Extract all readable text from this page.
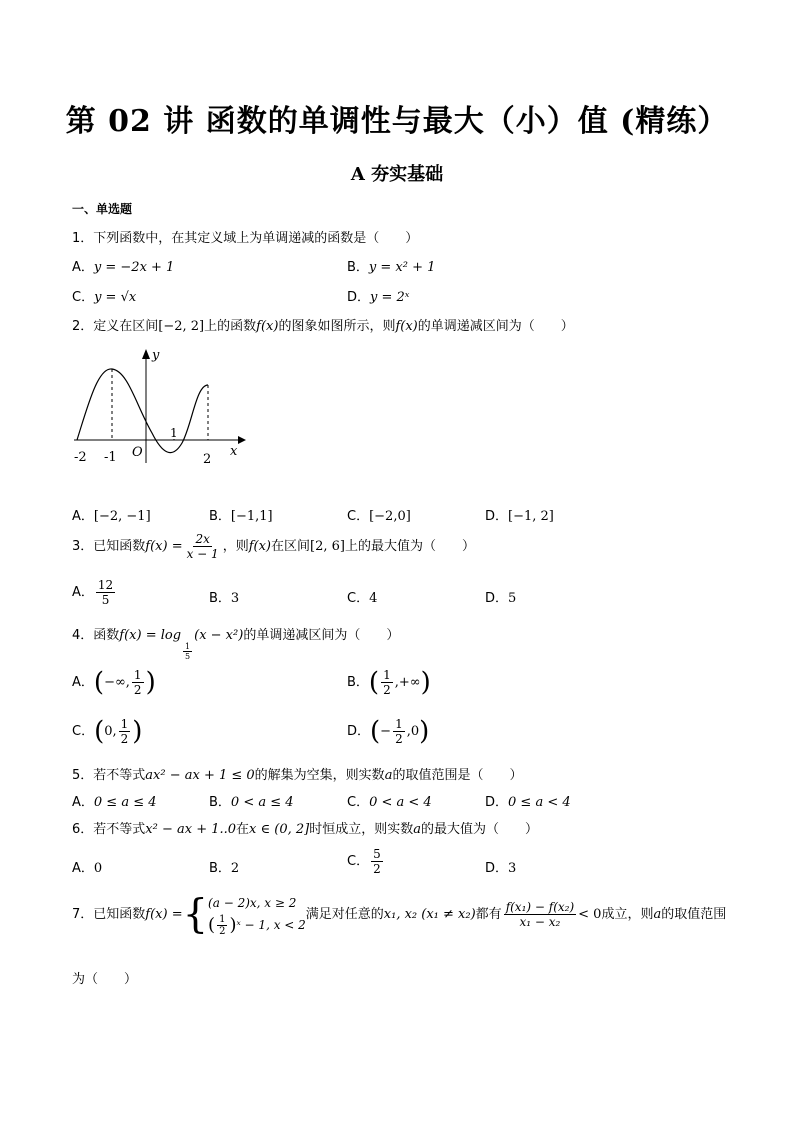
第 02 讲 函数的单调性与最大（小）值 (精练）
A 夯实基础
一、单选题
1．下列函数中，在其定义域上为单调递减的函数是（　　）
A．y = −2x + 1	B．y = x² + 1
C．y = √x	D．y = 2ˣ
2．定义在区间[−2, 2]上的函数f(x)的图象如图所示，则f(x)的单调递减区间为（　　）
y
x
O
-2 -1
1
2
A．[−2, −1]	B．[−1,1]	C．[−2,0]	D．[−1, 2]
3．已知函数$f(x) = \frac{2x}{x - 1}$ ，则f(x)在区间[2, 6]上的最大值为（　　）
A． $\frac{12}{5}$	B．3	C．4	D．5
4．函数f(x) = log
$\frac{1}{5}$
(x − x²)的单调递减区间为（　　）
A．(−∞, $\frac{1}{2}$ )	B．( $\frac{1}{2}$ ,+∞)
C．(0, $\frac{1}{2}$ )	D．(− $\frac{1}{2} ,0$)
5．若不等式ax² − ax + 1 ≤ 0的解集为空集，则实数a的取值范围是（　　）
A．0 ≤ a ≤ 4	B．0 < a ≤ 4	C．0 < a < 4	D．0 ≤ a < 4
6．若不等式x² − ax + 1..0在x ∈ (0, 2]时恒成立，则实数a的最大值为（　　）
A．0	B．2	C． $\frac{5}{2}$	D．3
7．已知函数f(x) ={ (a − 2)x, x ≥ 2
( $\frac{1}{2}$ )ˣ − 1, x < 2
满足对任意的x₁, x₂ (x₁ ≠ x₂)都有 $\frac{\text{f(x₁) − f(x₂)}}{\text{x₁ − x₂}} < 0$成立，则a的取值范围
为（　　）
